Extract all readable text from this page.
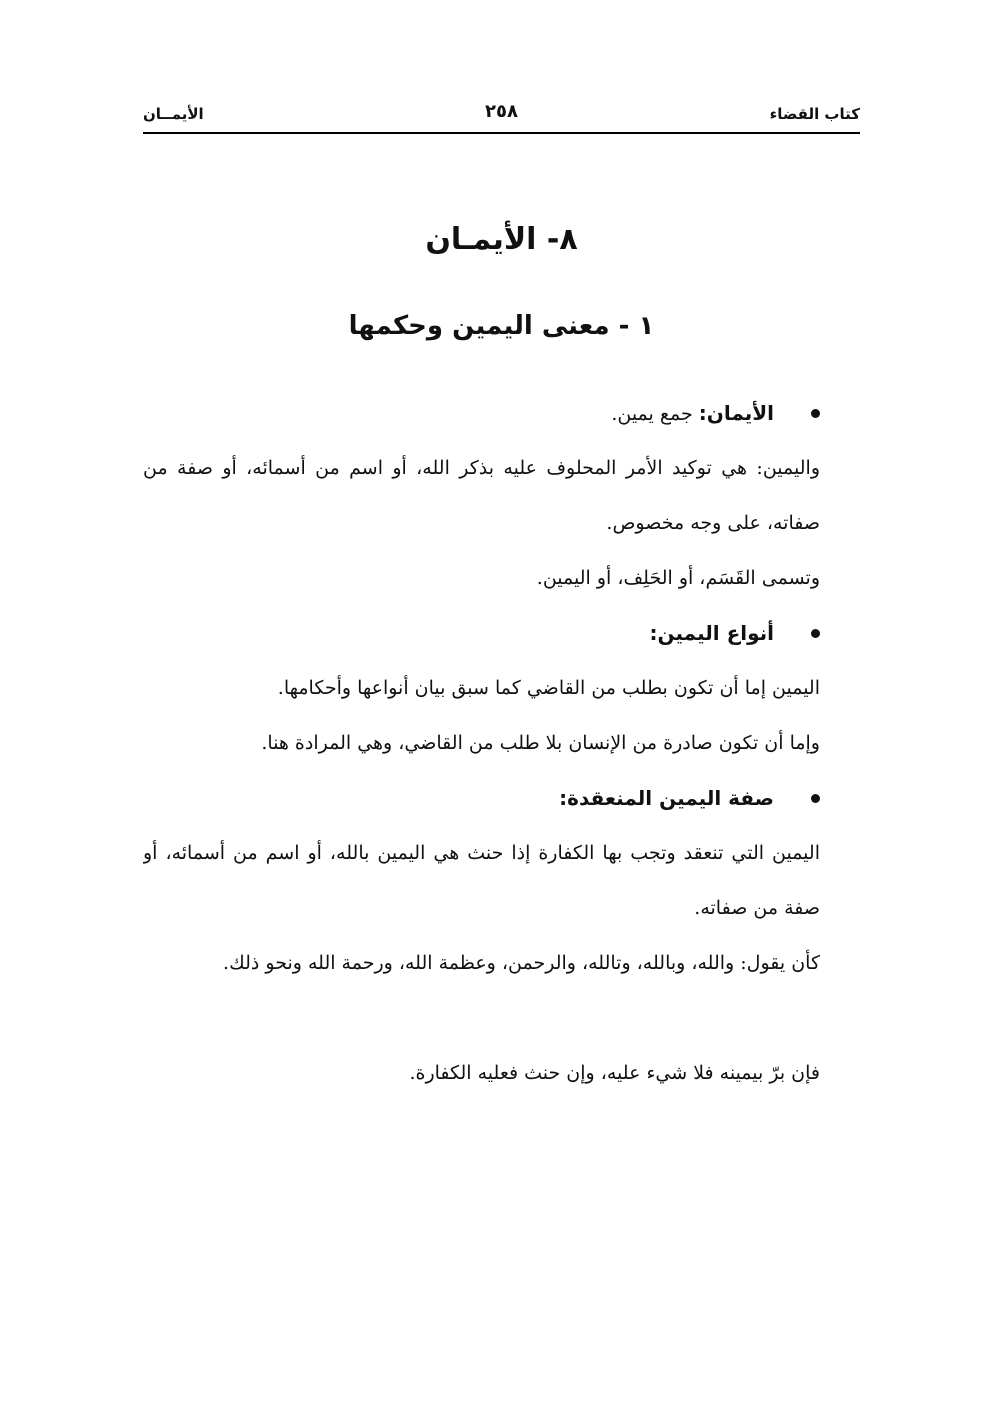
كتاب القضاء
٢٥٨
الأيمــان
٨- الأيمـان
١ - معنى اليمين وحكمها
الأيمان: جمع يمين.

واليمين: هي توكيد الأمر المحلوف عليه بذكر الله، أو اسم من أسمائه، أو صفة من صفاته، على وجه مخصوص.

وتسمى القَسَم، أو الحَلِف، أو اليمين.

أنواع اليمين:

اليمين إما أن تكون بطلب من القاضي كما سبق بيان أنواعها وأحكامها.

وإما أن تكون صادرة من الإنسان بلا طلب من القاضي، وهي المرادة هنا.

صفة اليمين المنعقدة:

اليمين التي تنعقد وتجب بها الكفارة إذا حنث هي اليمين بالله، أو اسم من أسمائه، أو صفة من صفاته.

كأن يقول: والله، وبالله، وتالله، والرحمن، وعظمة الله، ورحمة الله ونحو ذلك.

فإن برّ بيمينه فلا شيء عليه، وإن حنث فعليه الكفارة.
